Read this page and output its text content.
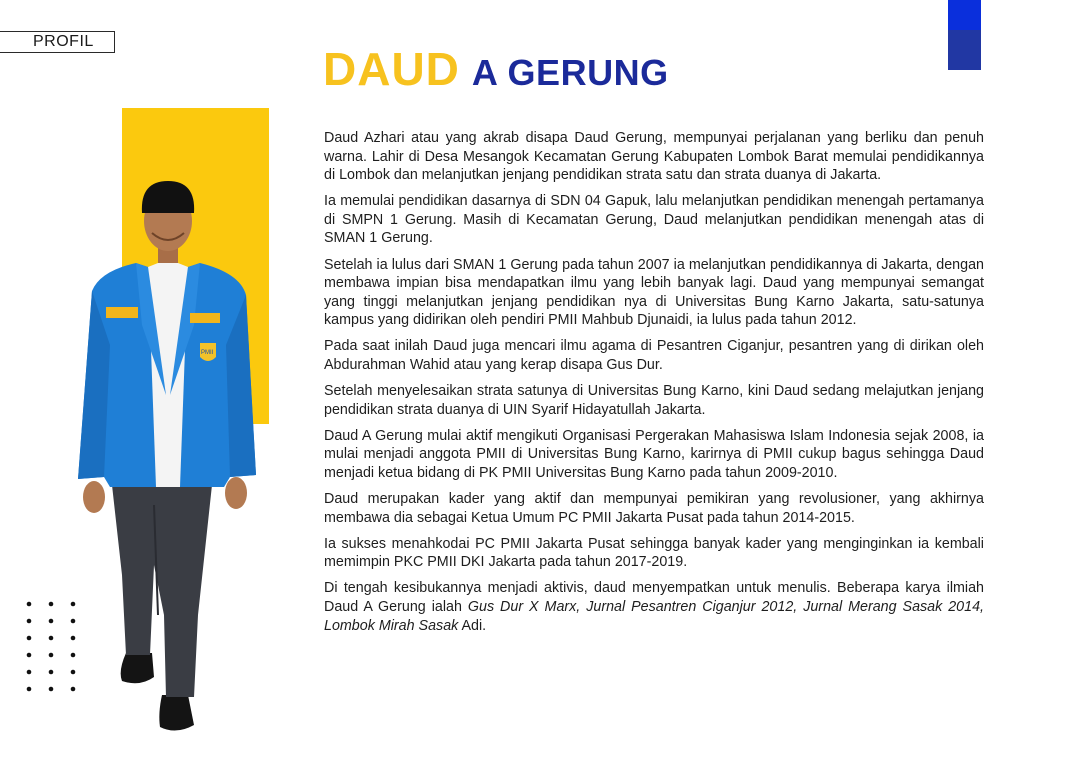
PROFIL
DAUD A GERUNG
PMII

Daud Azhari atau yang akrab disapa Daud Gerung, mempunyai perjalanan yang berliku dan penuh warna. Lahir di Desa Mesangok Kecamatan Gerung Kabupaten Lombok Barat memulai pendidikannya di Lombok dan melanjutkan jenjang pendidikan strata satu dan strata duanya di Jakarta.

Ia memulai pendidikan dasarnya di SDN 04 Gapuk, lalu melanjutkan pendidikan menengah pertamanya di SMPN 1 Gerung. Masih di Kecamatan Gerung, Daud melanjutkan pendidikan menengah atas di SMAN 1 Gerung.

Setelah ia lulus dari SMAN 1 Gerung pada tahun 2007 ia melanjutkan pendidikannya di Jakarta, dengan membawa impian bisa mendapatkan ilmu yang lebih banyak lagi. Daud yang mempunyai semangat yang tinggi melanjutkan jenjang pendidikan nya di Universitas Bung Karno Jakarta, satu-satunya kampus yang didirikan oleh pendiri PMII Mahbub Djunaidi, ia lulus pada tahun 2012.

Pada saat inilah Daud juga mencari ilmu agama di Pesantren Ciganjur, pesantren yang di dirikan oleh Abdurahman Wahid atau yang kerap disapa Gus Dur.

Setelah menyelesaikan strata satunya di Universitas Bung Karno, kini Daud sedang melajutkan jenjang pendidikan strata duanya di UIN Syarif Hidayatullah Jakarta.

Daud A Gerung mulai aktif mengikuti Organisasi Pergerakan Mahasiswa Islam Indonesia sejak 2008, ia mulai menjadi anggota PMII di Universitas Bung Karno, karirnya di PMII cukup bagus sehingga Daud menjadi ketua bidang di PK PMII Universitas Bung Karno pada tahun 2009-2010.

Daud merupakan kader yang aktif dan mempunyai pemikiran yang revolusioner, yang akhirnya membawa dia sebagai Ketua Umum PC PMII Jakarta Pusat pada tahun 2014-2015.

Ia sukses menahkodai PC PMII Jakarta Pusat sehingga banyak kader yang menginginkan ia kembali memimpin PKC PMII DKI Jakarta pada tahun 2017-2019.

Di tengah kesibukannya menjadi aktivis, daud menyempatkan untuk menulis. Beberapa karya ilmiah Daud A Gerung ialah Gus Dur X Marx, Jurnal Pesantren Ciganjur 2012, Jurnal Merang Sasak 2014, Lombok Mirah Sasak Adi.
